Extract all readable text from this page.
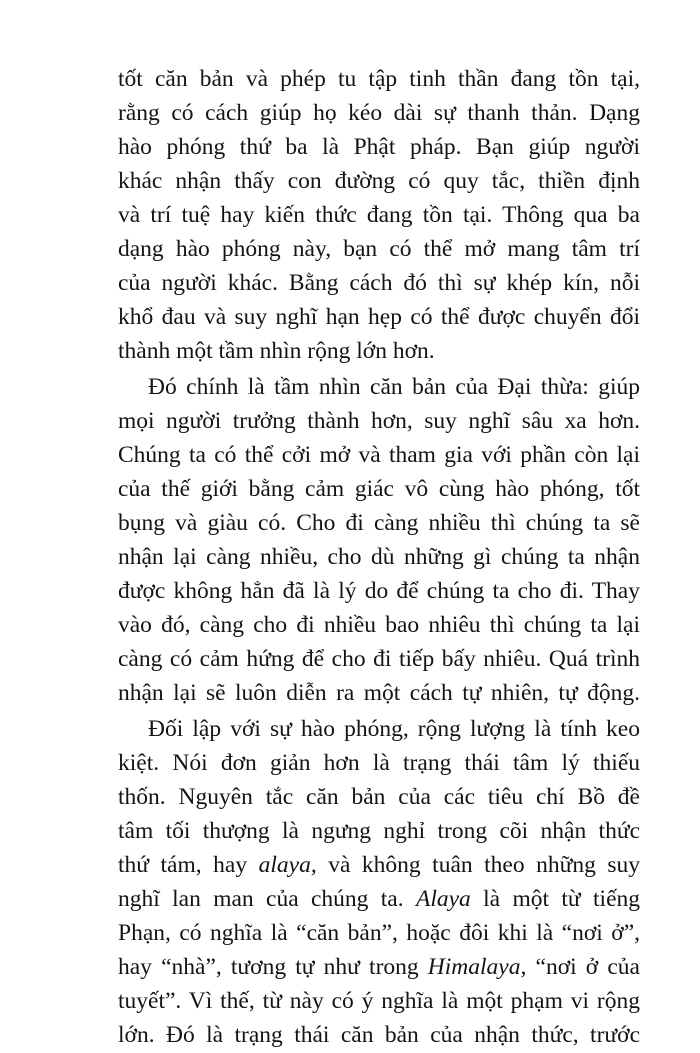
tốt căn bản và phép tu tập tinh thần đang tồn tại,
rằng có cách giúp họ kéo dài sự thanh thản. Dạng
hào phóng thứ ba là Phật pháp. Bạn giúp người
khác nhận thấy con đường có quy tắc, thiền định
và trí tuệ hay kiến thức đang tồn tại. Thông qua ba
dạng hào phóng này, bạn có thể mở mang tâm trí
của người khác. Bằng cách đó thì sự khép kín, nỗi
khổ đau và suy nghĩ hạn hẹp có thể được chuyển đổi
thành một tầm nhìn rộng lớn hơn.
Đó chính là tầm nhìn căn bản của Đại thừa: giúp
mọi người trưởng thành hơn, suy nghĩ sâu xa hơn.
Chúng ta có thể cởi mở và tham gia với phần còn lại
của thế giới bằng cảm giác vô cùng hào phóng, tốt
bụng và giàu có. Cho đi càng nhiều thì chúng ta sẽ
nhận lại càng nhiều, cho dù những gì chúng ta nhận
được không hẳn đã là lý do để chúng ta cho đi. Thay
vào đó, càng cho đi nhiều bao nhiêu thì chúng ta lại
càng có cảm hứng để cho đi tiếp bấy nhiêu. Quá trình
nhận lại sẽ luôn diễn ra một cách tự nhiên, tự động.
Đối lập với sự hào phóng, rộng lượng là tính keo
kiệt. Nói đơn giản hơn là trạng thái tâm lý thiếu
thốn. Nguyên tắc căn bản của các tiêu chí Bồ đề
tâm tối thượng là ngưng nghỉ trong cõi nhận thức
thứ tám, hay alaya, và không tuân theo những suy
nghĩ lan man của chúng ta. Alaya là một từ tiếng
Phạn, có nghĩa là “căn bản”, hoặc đôi khi là “nơi ở”,
hay “nhà”, tương tự như trong Himalaya, “nơi ở của
tuyết”. Vì thế, từ này có ý nghĩa là một phạm vi rộng
lớn. Đó là trạng thái căn bản của nhận thức, trước
